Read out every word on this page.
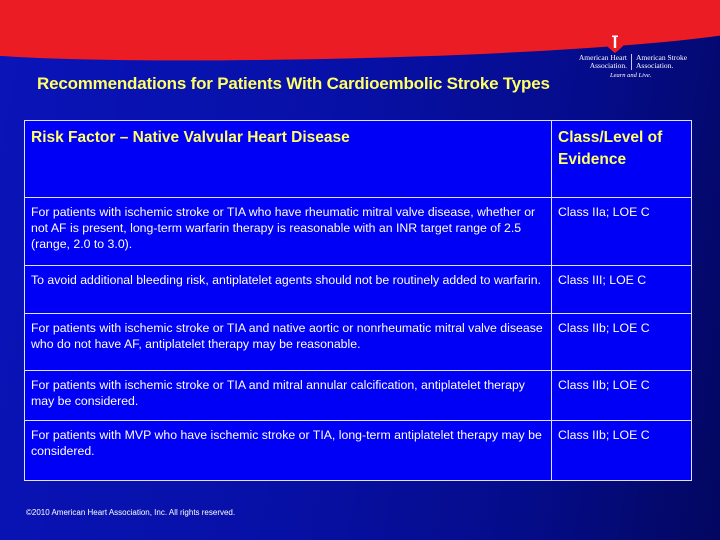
American Heart
Association.
American Stroke
Association.
Learn and Live.
Recommendations for Patients With Cardioembolic Stroke Types
Risk Factor – Native Valvular Heart Disease	Class/Level of Evidence
For patients with ischemic stroke or TIA who have rheumatic mitral valve disease, whether or not AF is present, long-term warfarin therapy is reasonable with an INR target range of 2.5 (range, 2.0 to 3.0).	Class IIa; LOE C
To avoid additional bleeding risk, antiplatelet agents should not be routinely added to warfarin.	Class III; LOE C
For patients with ischemic stroke or TIA and native aortic or nonrheumatic mitral valve disease who do not have AF, antiplatelet therapy may be reasonable.	Class IIb; LOE C
For patients with ischemic stroke or TIA and mitral annular calcification, antiplatelet therapy may be considered.	Class IIb; LOE C
For patients with MVP who have ischemic stroke or TIA, long-term antiplatelet therapy may be considered.	Class IIb; LOE C
©2010 American Heart Association, Inc. All rights reserved.
